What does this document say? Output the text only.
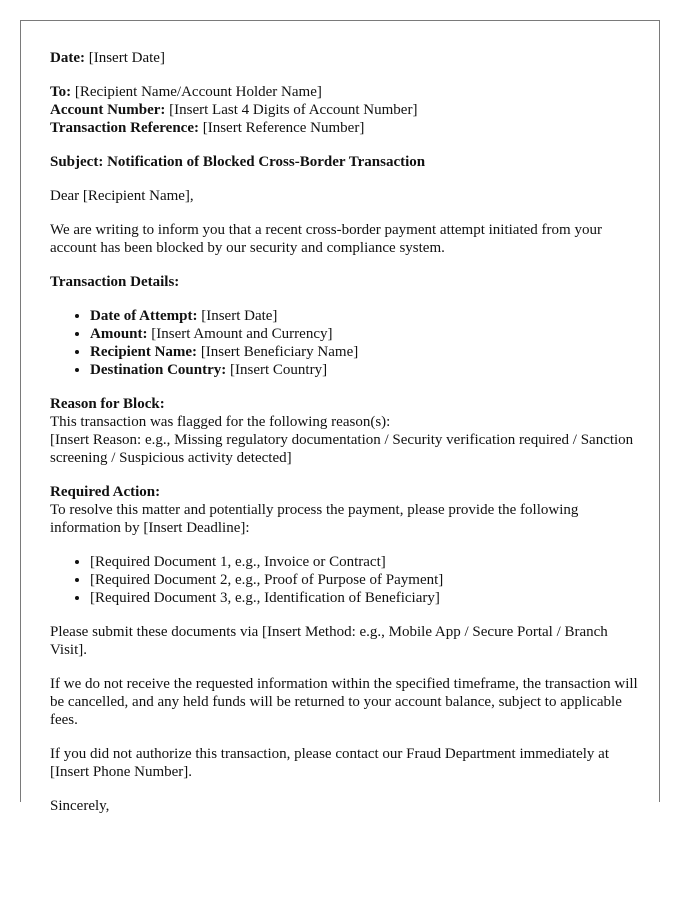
Date: [Insert Date]

To: [Recipient Name/Account Holder Name]
Account Number: [Insert Last 4 Digits of Account Number]
Transaction Reference: [Insert Reference Number]

Subject: Notification of Blocked Cross-Border Transaction

Dear [Recipient Name],

We are writing to inform you that a recent cross-border payment attempt initiated from your account has been blocked by our security and compliance system.

Transaction Details:

• Date of Attempt: [Insert Date]
• Amount: [Insert Amount and Currency]
• Recipient Name: [Insert Beneficiary Name]
• Destination Country: [Insert Country]
Reason for Block:
This transaction was flagged for the following reason(s):
[Insert Reason: e.g., Missing regulatory documentation / Security verification required / Sanction screening / Suspicious activity detected]
Required Action:
To resolve this matter and potentially process the payment, please provide the following information by [Insert Deadline]:
• [Required Document 1, e.g., Invoice or Contract]
• [Required Document 2, e.g., Proof of Purpose of Payment]
• [Required Document 3, e.g., Identification of Beneficiary]

Please submit these documents via [Insert Method: e.g., Mobile App / Secure Portal / Branch Visit].

If we do not receive the requested information within the specified timeframe, the transaction will be cancelled, and any held funds will be returned to your account balance, subject to applicable fees.

If you did not authorize this transaction, please contact our Fraud Department immediately at [Insert Phone Number].

Sincerely,
